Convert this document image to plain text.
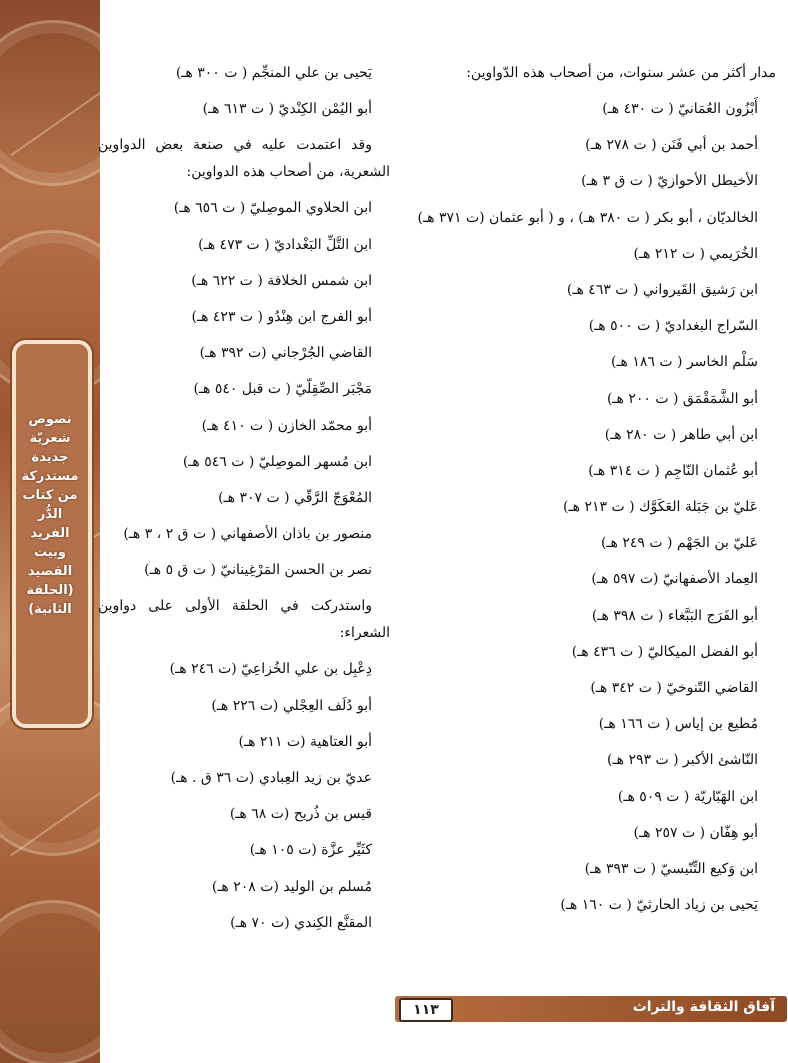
نصوص
شعريّة
جديدة
مستدركة
من كتاب
الدُّر الفريد
وبيت
القصيد
(الحلقة
الثانية)

مدار أكثر من عشر سنوات، من أصحاب هذه الدّواوين:

أَبْزُون العُمَانيّ ( ت ٤٣٠ هـ)
أحمد بن أبي فَنَن ( ت ٢٧٨ هـ)
الأخيطل الأحوازيّ ( ت ق ٣ هـ)
الخالديّان ، أبو بكر ( ت ٣٨٠ هـ) ، و ( أبو عثمان (ت ٣٧١ هـ)
الخُرَيمي ( ت ٢١٢ هـ)
ابن رَشيق القَيرواني ( ت ٤٦٣ هـ)
السّراج البغداديّ ( ت ٥٠٠ هـ)
سَلْم الخاسر ( ت ١٨٦ هـ)
أبو الشَّمَقْمَق ( ت ٢٠٠ هـ)
ابن أبي طاهر ( ت ٢٨٠ هـ)
أبو عُثمان النّاجِم ( ت ٣١٤ هـ)
عَليّ بن جَبَلة العَكَوَّك ( ت ٢١٣ هـ)
عَليّ بن الجَهْم ( ت ٢٤٩ هـ)
العِماد الأصفهانيّ (ت ٥٩٧ هـ)
أبو الفَرَج البَبَّغاء ( ت ٣٩٨ هـ)
أبو الفضل الميكاليّ ( ت ٤٣٦ هـ)
القاضي التّنوخيّ ( ت ٣٤٢ هـ)
مُطيع بن إياس ( ت ١٦٦ هـ)
النّاشئ الأكبر ( ت ٢٩٣ هـ)
ابن الهَبّاريّة ( ت ٥٠٩ هـ)
أبو هِفّان ( ت ٢٥٧ هـ)
ابن وَكيع التِّنّيسيّ ( ت ٣٩٣ هـ)
يَحيى بن زياد الحارثيّ ( ت ١٦٠ هـ)
يَحيى بن علي المنجِّم ( ت ٣٠٠ هـ)
أبو اليُمْن الكِنْديّ ( ت ٦١٣ هـ)

وقد اعتمدت عليه في صنعة بعض الدواوين الشعرية، من أصحاب هذه الدواوين:

ابن الحلاوي الموصِليّ ( ت ٦٥٦ هـ)
ابن التَّلِّ البَغْداديّ ( ت ٤٧٣ هـ)
ابن شمس الخلافة ( ت ٦٢٢ هـ)
أبو الفرج ابن هِنْدُو ( ت ٤٢٣ هـ)
القاضي الجُرْجاني (ت ٣٩٢ هـ)
مَجْبَر الصِّقِلّيّ ( ت قبل ٥٤٠ هـ)
أبو محمّد الخازن ( ت ٤١٠ هـ)
ابن مُسهر الموصِليّ ( ت ٥٤٦ هـ)
المُعْوَجّ الرَّقّي ( ت ٣٠٧ هـ)
منصور بن باذان الأصفهاني ( ت ق ٢ ، ٣ هـ)
نصر بن الحسن المَرْغِينانيّ ( ت ق ٥ هـ)

واستدركت في الحلقة الأولى على دواوين الشعراء:

دِعْبِل بن علي الخُزاعِيّ (ت ٢٤٦ هـ)
أبو دُلَف العِجْلي (ت ٢٢٦ هـ)
أبو العتاهية (ت ٢١١ هـ)
عديّ بن زيد العِبادي (ت ٣٦ ق . هـ)
قيس بن ذُريح (ت ٦٨ هـ)
كثَيِّر عزَّة (ت ١٠٥ هـ)
مُسلم بن الوليد (ت ٢٠٨ هـ)
المقنَّع الكِندي (ت ٧٠ هـ)
آفاق الثقافة والتراث
١١٣
